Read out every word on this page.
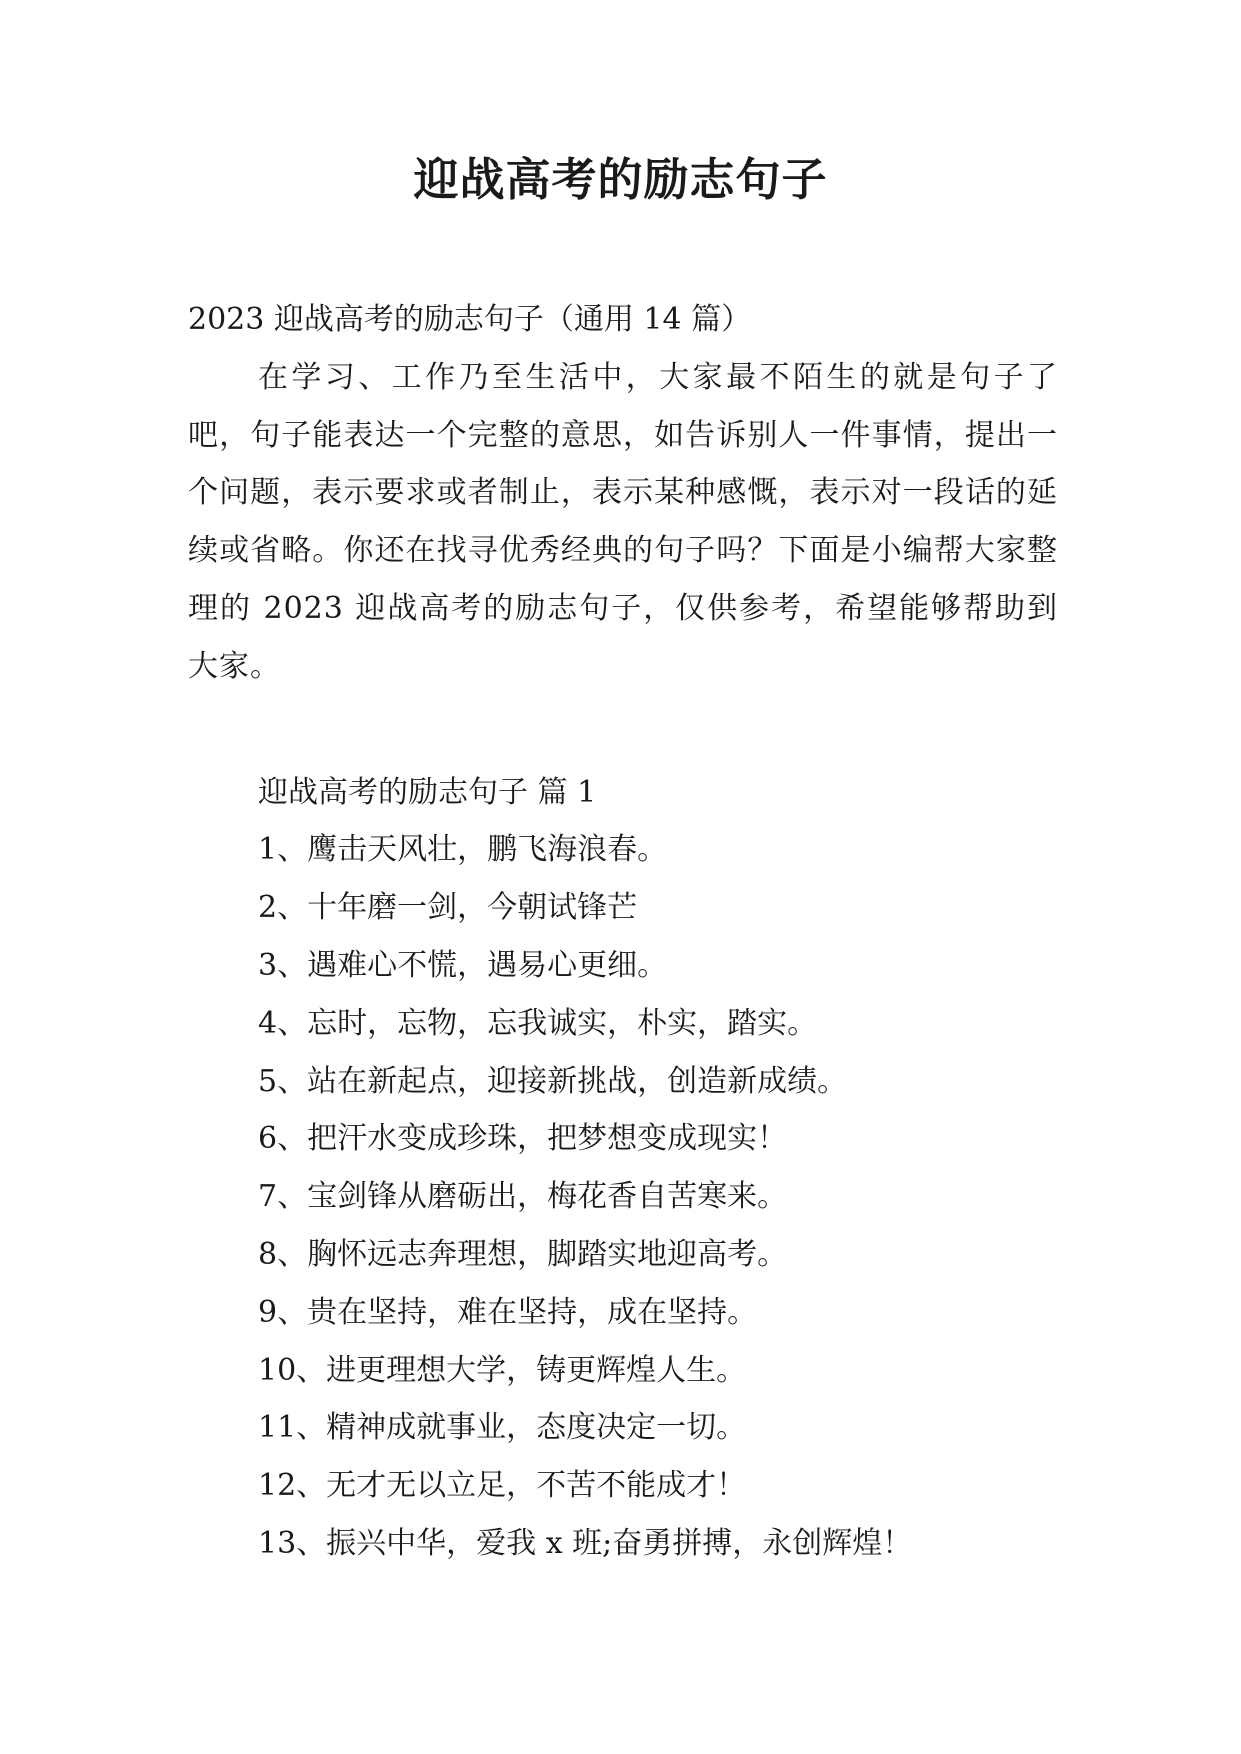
迎战高考的励志句子

2023 迎战高考的励志句子（通用 14 篇）

在学习、工作乃至生活中，大家最不陌生的就是句子了吧，句子能表达一个完整的意思，如告诉别人一件事情，提出一个问题，表示要求或者制止，表示某种感慨，表示对一段话的延续或省略。你还在找寻优秀经典的句子吗？下面是小编帮大家整理的 2023 迎战高考的励志句子，仅供参考，希望能够帮助到大家。

迎战高考的励志句子 篇 1

1、鹰击天风壮，鹏飞海浪春。
2、十年磨一剑，今朝试锋芒
3、遇难心不慌，遇易心更细。
4、忘时，忘物，忘我诚实，朴实，踏实。
5、站在新起点，迎接新挑战，创造新成绩。
6、把汗水变成珍珠，把梦想变成现实！
7、宝剑锋从磨砺出，梅花香自苦寒来。
8、胸怀远志奔理想，脚踏实地迎高考。
9、贵在坚持，难在坚持，成在坚持。
10、进更理想大学，铸更辉煌人生。
11、精神成就事业，态度决定一切。
12、无才无以立足，不苦不能成才！
13、振兴中华，爱我 x 班;奋勇拼搏，永创辉煌！
